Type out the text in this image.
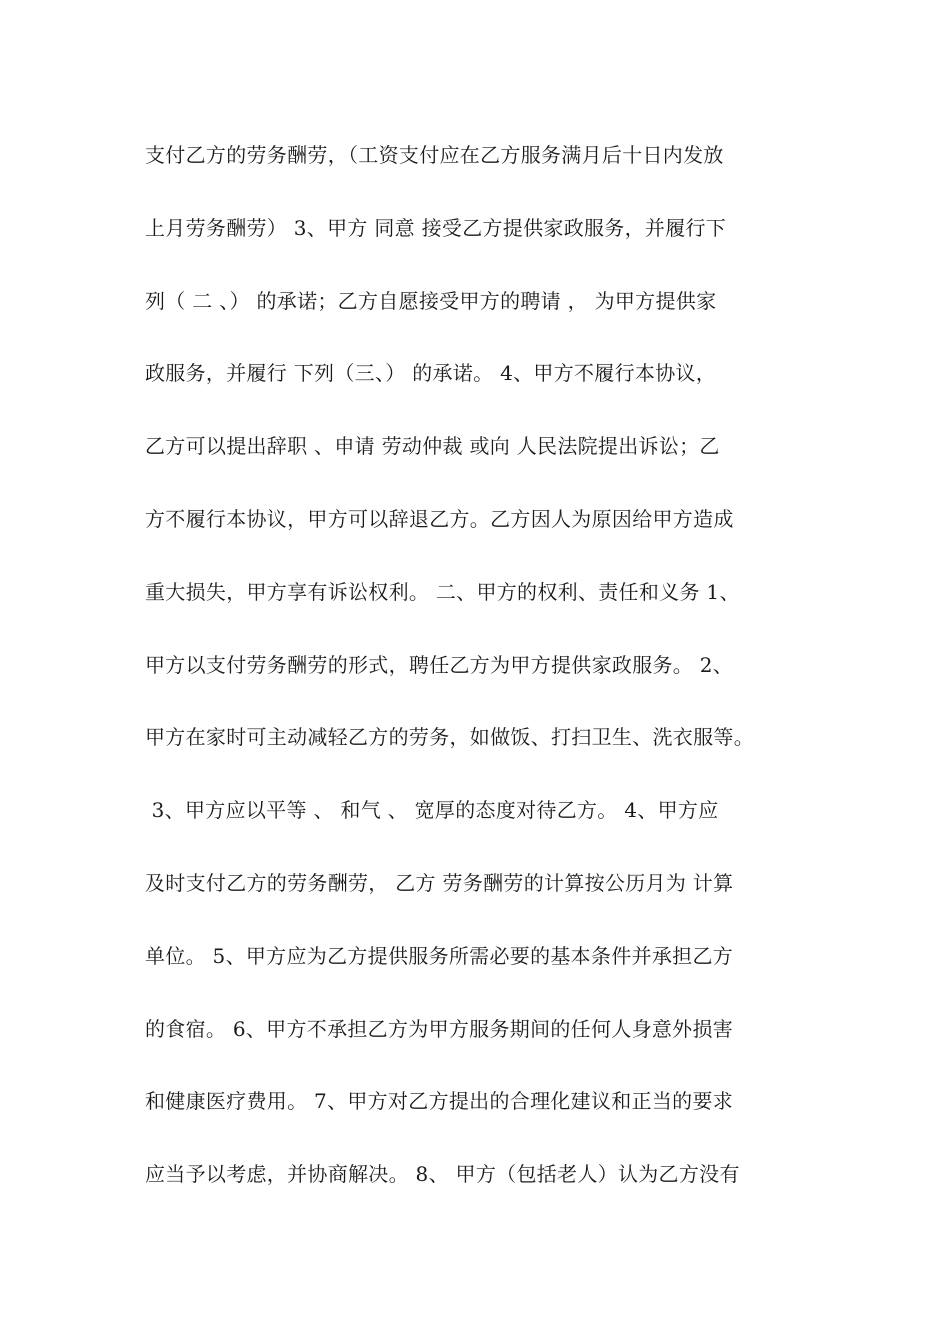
支付乙方的劳务酬劳，（工资支付应在乙方服务满月后十日内发放
上月劳务酬劳） 3、甲方 同意 接受乙方提供家政服务，并履行下
列（ 二 、） 的承诺；乙方自愿接受甲方的聘请 ， 为甲方提供家
政服务，并履行 下列（三、） 的承诺。 4、甲方不履行本协议，
乙方可以提出辞职 、申请 劳动仲裁 或向 人民法院提出诉讼；乙
方不履行本协议，甲方可以辞退乙方。乙方因人为原因给甲方造成
重大损失，甲方享有诉讼权利。 二、甲方的权利、责任和义务 1、
甲方以支付劳务酬劳的形式，聘任乙方为甲方提供家政服务。 2、
甲方在家时可主动减轻乙方的劳务，如做饭、打扫卫生、洗衣服等。
3、甲方应以平等 、 和气 、 宽厚的态度对待乙方。 4、甲方应
及时支付乙方的劳务酬劳， 乙方 劳务酬劳的计算按公历月为 计算
单位。 5、甲方应为乙方提供服务所需必要的基本条件并承担乙方
的食宿。 6、甲方不承担乙方为甲方服务期间的任何人身意外损害
和健康医疗费用。 7、甲方对乙方提出的合理化建议和正当的要求
应当予以考虑，并协商解决。 8、 甲方（包括老人）认为乙方没有
